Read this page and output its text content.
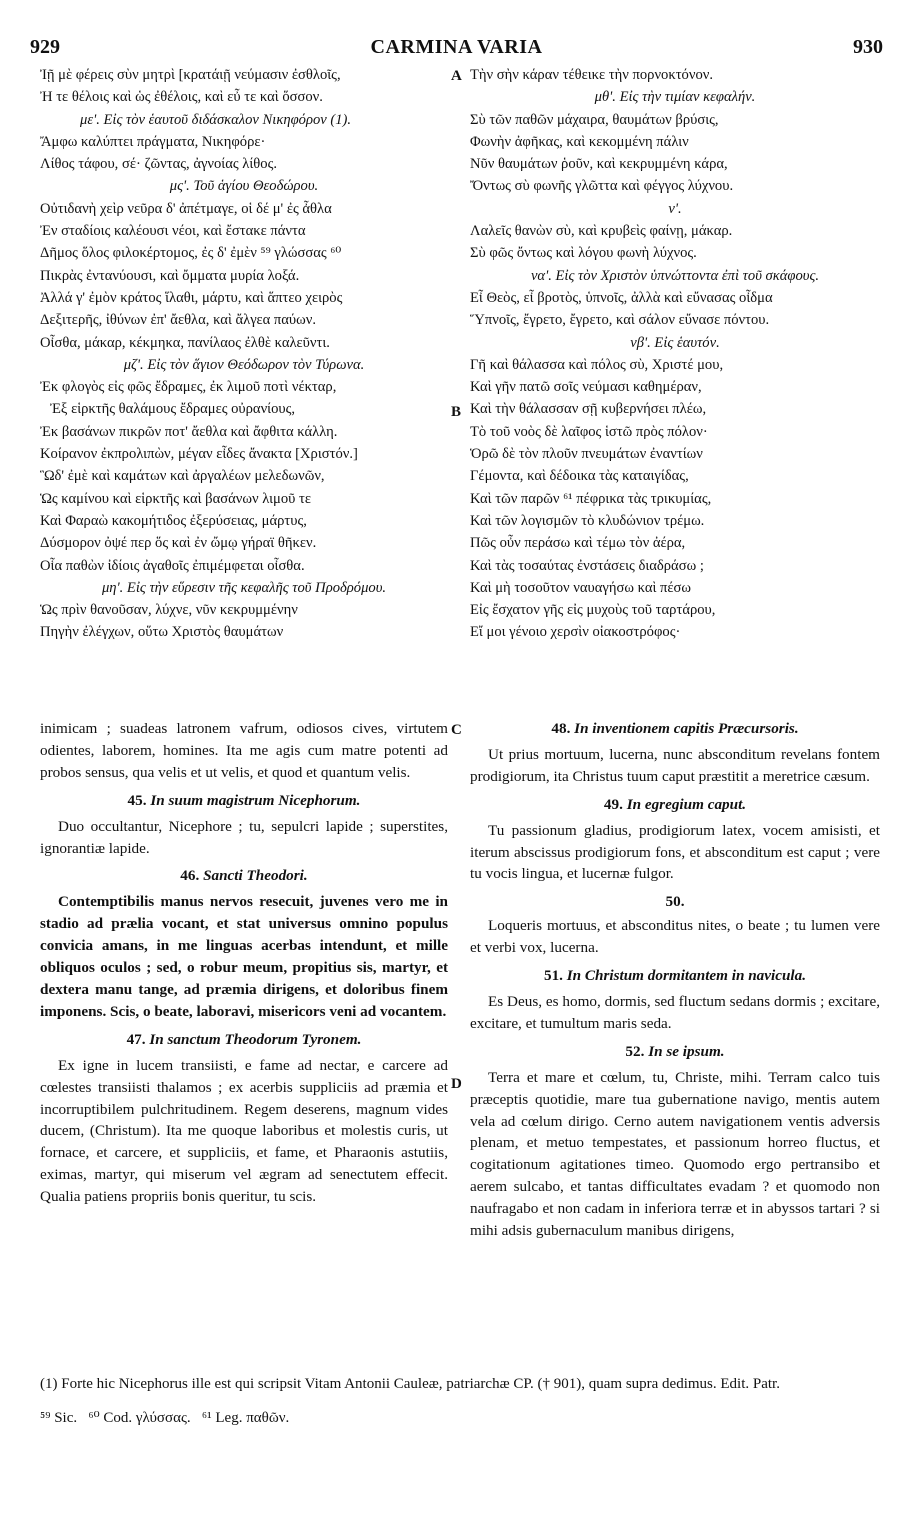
929	CARMINA VARIA	930
Ἰῇ μὲ φέρεις σὺν μητρὶ [κρατάιῇ νεύμασιν ἐσθλοῖς,
Ἠ τε θέλοις καὶ ὡς ἐθέλοις, καὶ εὖ τε καὶ ὅσσον.
με'. Εἰς τὸν ἑαυτοῦ διδάσκαλον Νικηφόρον (1).
Ἄμφω καλύπτει πράγματα, Νικηφόρε·
Λίθος τάφου, σέ· ζῶντας, ἀγνοίας λίθος.
μς'. Τοῦ ἁγίου Θεοδώρου.
Οὐτιδανὴ χεὶρ νεῦρα δ' ἀπέτμαγε, οἱ δέ μ' ἐς ἆθλα
Ἐν σταδίοις καλέουσι νέοι, καὶ ἔστακε πάντα
Δῆμος ὅλος φιλοκέρτομος, ἐς δ' ἐμὲν ⁵⁹ γλώσσας ⁶⁰
Πικρὰς ἐντανύουσι, καὶ ὄμματα μυρία λοξά.
Ἀλλά γ' ἐμὸν κράτος ἵλαθι, μάρτυ, καὶ ἅπτεο χειρὸς
Δεξιτερῆς, ἰθύνων ἐπ' ἄεθλα, καὶ ἄλγεα παύων.
Οἶσθα, μάκαρ, κέκμηκα, πανίλαος ἐλθὲ καλεῦντι.
μζ'. Εἰς τὸν ἅγιον Θεόδωρον τὸν Τύρωνα.
Ἐκ φλογὸς εἰς φῶς ἔδραμες, ἐκ λιμοῦ ποτὶ νέκταρ,
Ἐξ εἱρκτῆς θαλάμους ἔδραμες οὐρανίους,
Ἐκ βασάνων πικρῶν ποτ' ἄεθλα καὶ ἄφθιτα κάλλη.
Κοίρανον ἐκπρολιπὼν, μέγαν εἶδες ἄνακτα [Χριστόν.]
Ὣδ' ἐμὲ καὶ καμάτων καὶ ἀργαλέων μελεδωνῶν,
Ὡς καμίνου καὶ εἱρκτῆς καὶ βασάνων λιμοῦ τε
Καὶ Φαραὼ κακομήτιδος ἐξερύσειας, μάρτυς,
Δύσμορον ὀψέ περ ὅς καὶ ἐν ὤμῳ γήραϊ θῆκεν.
Οἷα παθὼν ἰδίοις ἀγαθοῖς ἐπιμέμφεται οἶσθα.
μη'. Εἰς τὴν εὕρεσιν τῆς κεφαλῆς τοῦ Προδρόμου.
Ὡς πρὶν θανοῦσαν, λύχνε, νῦν κεκρυμμένην
Πηγὴν ἐλέγχων, οὕτω Χριστὸς θαυμάτων
Τὴν σὴν κάραν τέθεικε τὴν πορνοκτόνον.
μθ'. Εἰς τὴν τιμίαν κεφαλήν.
Σὺ τῶν παθῶν μάχαιρα, θαυμάτων βρύσις,
Φωνὴν ἀφῆκας, καὶ κεκομμένη πάλιν
Νῦν θαυμάτων ῥοῦν, καὶ κεκρυμμένη κάρα,
Ὄντως σὺ φωνῆς γλῶττα καὶ φέγγος λύχνου.
ν'.
Λαλεῖς θανὼν σὺ, καὶ κρυβεὶς φαίνῃ, μάκαρ.
Σὺ φῶς ὄντως καὶ λόγου φωνὴ λύχνος.
να'. Εἰς τὸν Χριστὸν ὑπνώττοντα ἐπὶ τοῦ σκάφους.
Εἶ Θεὸς, εἶ βροτὸς, ὑπνοῖς, ἀλλὰ καὶ εὔνασας οἶδμα
Ὕπνοῖς, ἔγρετο, ἔγρετο, καὶ σάλον εὔνασε πόντου.
νβ'. Εἰς ἑαυτόν.
Γῆ καὶ θάλασσα καὶ πόλος σὺ, Χριστέ μου,
Καὶ γῆν πατῶ σοῖς νεύμασι καθημέραν,
Καὶ τὴν θάλασσαν σῇ κυβερνήσει πλέω,
Τὸ τοῦ νοὸς δὲ λαῖφος ἱστῶ πρὸς πόλον·
Ὁρῶ δὲ τὸν πλοῦν πνευμάτων ἐναντίων
Γέμοντα, καὶ δέδοικα τὰς καταιγίδας,
Καὶ τῶν παρῶν ⁶¹ πέφρικα τὰς τρικυμίας,
Καὶ τῶν λογισμῶν τὸ κλυδώνιον τρέμω.
Πῶς οὖν περάσω καὶ τέμω τὸν ἀέρα,
Καὶ τὰς τοσαύτας ἐνστάσεις διαδράσω ;
Καὶ μὴ τοσοῦτον ναυαγήσω καὶ πέσω
Εἰς ἔσχατον γῆς εἰς μυχοὺς τοῦ ταρτάρου,
Εἴ μοι γένοιο χερσὶν οἰακοστρόφος·

inimicam ; suadeas latronem vafrum, odiosos cives, virtutem odientes, laborem, homines. Ita me agis cum matre potenti ad probos sensus, qua velis et ut velis, et quod et quantum velis.

45. In suum magistrum Nicephorum.

Duo occultantur, Nicephore ; tu, sepulcri lapide ; superstites, ignorantiæ lapide.

46. Sancti Theodori.

Contemptibilis manus nervos resecuit, juvenes vero me in stadio ad prælia vocant, et stat universus omnino populus convicia amans, in me linguas acerbas intendunt, et mille obliquos oculos ; sed, o robur meum, propitius sis, martyr, et dextera manu tange, ad præmia dirigens, et doloribus finem imponens. Scis, o beate, laboravi, misericors veni ad vocantem.

47. In sanctum Theodorum Tyronem.

Ex igne in lucem transiisti, e fame ad nectar, e carcere ad cœlestes transiisti thalamos ; ex acerbis suppliciis ad præmia et incorruptibilem pulchritudinem. Regem deserens, magnum vides ducem, (Christum). Ita me quoque laboribus et molestis curis, ut fornace, et carcere, et suppliciis, et fame, et Pharaonis astutiis, eximas, martyr, qui miserum vel ægram ad senectutem effecit. Qualia patiens propriis bonis queritur, tu scis.

48. In inventionem capitis Præcursoris.

Ut prius mortuum, lucerna, nunc absconditum revelans fontem prodigiorum, ita Christus tuum caput præstitit a meretrice cæsum.

49. In egregium caput.

Tu passionum gladius, prodigiorum latex, vocem amisisti, et iterum abscissus prodigiorum fons, et absconditum est caput ; vere tu vocis lingua, et lucernæ fulgor.

50.

Loqueris mortuus, et absconditus nites, o beate ; tu lumen vere et verbi vox, lucerna.

51. In Christum dormitantem in navicula.

Es Deus, es homo, dormis, sed fluctum sedans dormis ; excitare, excitare, et tumultum maris seda.

52. In se ipsum.

Terra et mare et cœlum, tu, Christe, mihi. Terram calco tuis præceptis quotidie, mare tua gubernatione navigo, mentis autem vela ad cœlum dirigo. Cerno autem navigationem ventis adversis plenam, et metuo tempestates, et passionum horreo fluctus, et cogitationum agitationes timeo. Quomodo ergo pertransibo et aerem sulcabo, et tantas difficultates evadam ? et quomodo non naufragabo et non cadam in inferiora terræ et in abyssos tartari ? si mihi adsis gubernaculum manibus dirigens,

A
B
C
D
(1) Forte hic Nicephorus ille est qui scripsit Vitam Antonii Cauleæ, patriarchæ CP. († 901), quam supra dedimus. Edit. Patr.
⁵⁹ Sic.   ⁶⁰ Cod. γλύσσας.   ⁶¹ Leg. παθῶν.
